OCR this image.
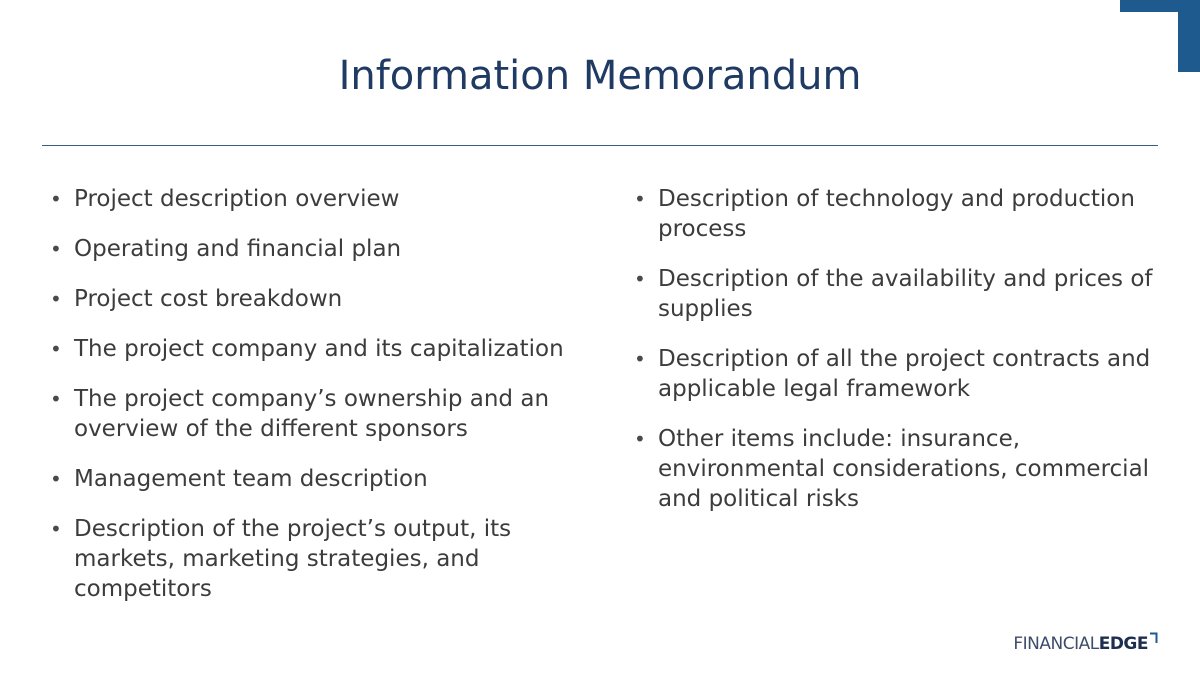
Information Memorandum
• Project description overview
• Operating and financial plan
• Project cost breakdown
• The project company and its capitalization
• The project company’s ownership and an overview of the different sponsors
• Management team description
• Description of the project’s output, its markets, marketing strategies, and competitors
• Description of technology and production process
• Description of the availability and prices of supplies
• Description of all the project contracts and applicable legal framework
• Other items include: insurance, environmental considerations, commercial and political risks
FINANCIAL EDGE
